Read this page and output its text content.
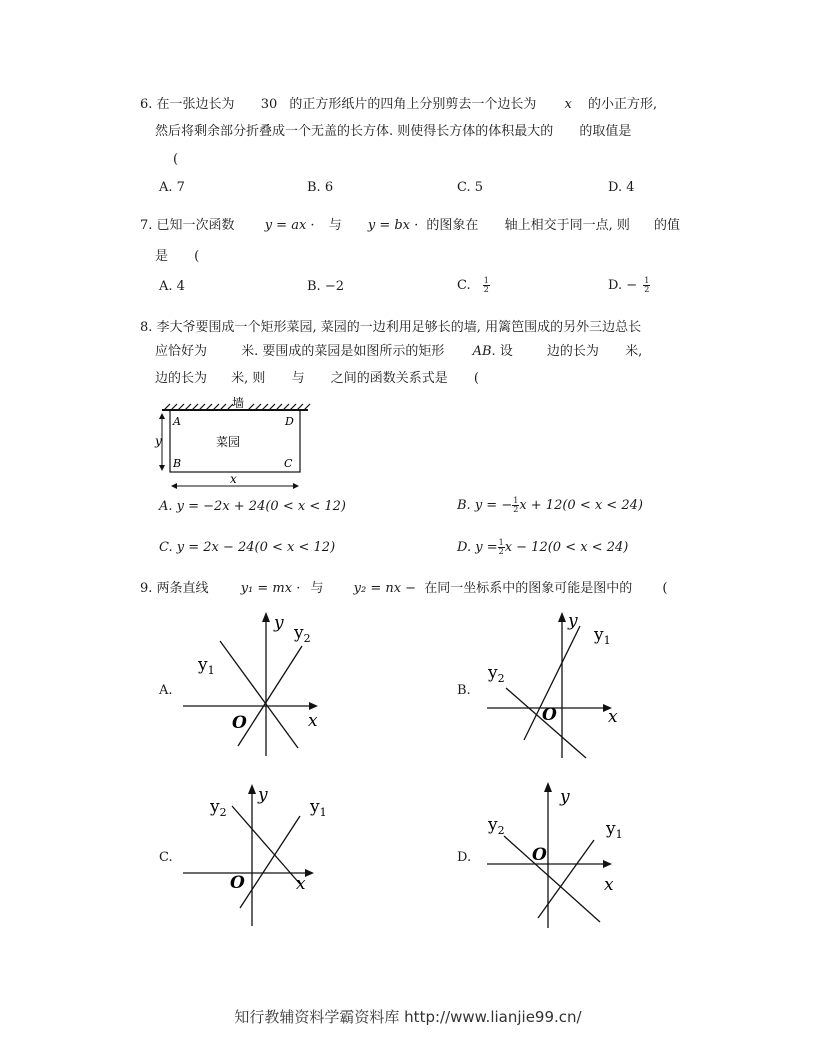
6. 在一张边长为 30 的正方形纸片的四角上分别剪去一个边长为 x 的小正方形,
然后将剩余部分折叠成一个无盖的长方体. 则使得长方体的体积最大的 的取值是
(
A. 7	B. 6	C. 5	D. 4
7. 已知一次函数 y = ax · 与 y = bx · 的图象在 轴上相交于同一点, 则 的值
是 (
A. 4	B. −2	C. $\frac{1}{2}$	D. − $\frac{1}{2}$
8. 李大爷要围成一个矩形菜园, 菜园的一边利用足够长的墙, 用篱笆围成的另外三边总长
应恰好为	米. 要围成的菜园是如图所示的矩形 AB. 设	边的长为 米,
边的长为 米, 则 与 之间的函数关系式是 (
墙
A	D
B	C
菜园
y
x
A. y = −2x + 24(0 < x < 12)	B. y = − $\frac{1}{2}$ x + 12(0 < x < 24)
C. y = 2x − 24(0 < x < 12)	D. $y = \frac{1}{2}$ x − 12(0 < x < 24)
9. 两条直线 y₁ = mx · 与 y₂ = nx − 在同一坐标系中的图象可能是图中的 (
A.	B.
C.	D.
x
y
O
$y_1$
$y_2$
x
y
O
$y_1$
$y_2$
x
y
O
$y_1$
$y_2$
x
y
O
$y_1$
$y_2$
知行教辅资料学霸资料库 http://www.lianjie99.cn/
